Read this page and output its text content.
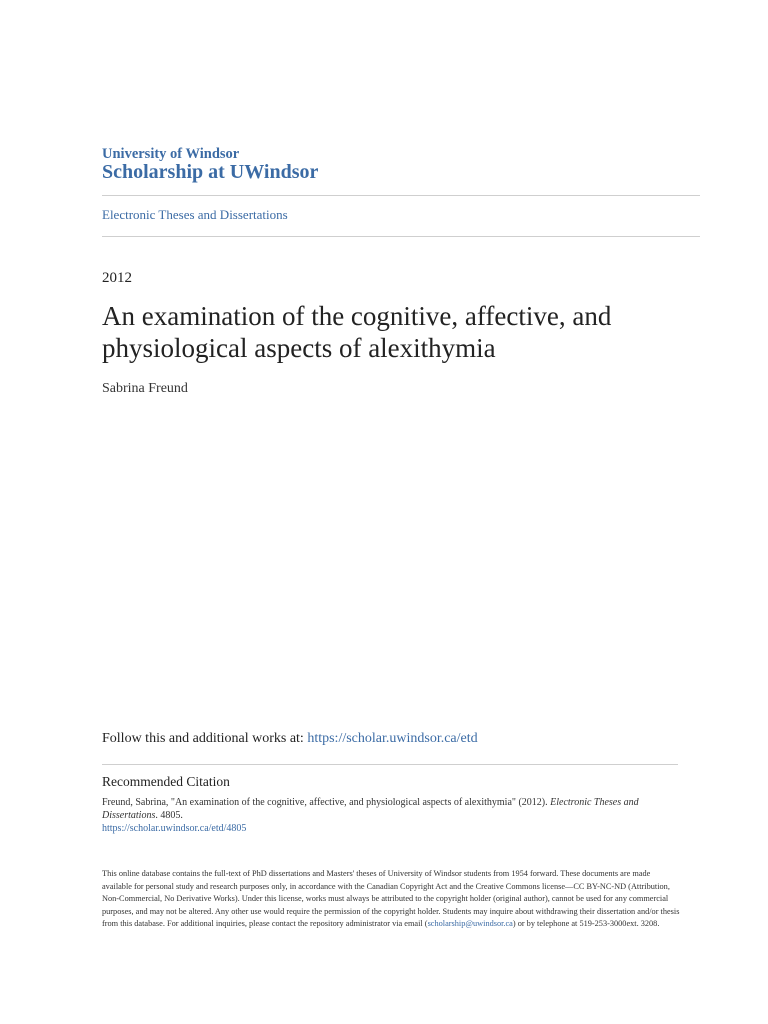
University of Windsor
Scholarship at UWindsor
Electronic Theses and Dissertations
2012
An examination of the cognitive, affective, and physiological aspects of alexithymia
Sabrina Freund
Follow this and additional works at: https://scholar.uwindsor.ca/etd
Recommended Citation
Freund, Sabrina, "An examination of the cognitive, affective, and physiological aspects of alexithymia" (2012). Electronic Theses and Dissertations. 4805.
https://scholar.uwindsor.ca/etd/4805
This online database contains the full-text of PhD dissertations and Masters' theses of University of Windsor students from 1954 forward. These documents are made available for personal study and research purposes only, in accordance with the Canadian Copyright Act and the Creative Commons license—CC BY-NC-ND (Attribution, Non-Commercial, No Derivative Works). Under this license, works must always be attributed to the copyright holder (original author), cannot be used for any commercial purposes, and may not be altered. Any other use would require the permission of the copyright holder. Students may inquire about withdrawing their dissertation and/or thesis from this database. For additional inquiries, please contact the repository administrator via email (scholarship@uwindsor.ca) or by telephone at 519-253-3000ext. 3208.
